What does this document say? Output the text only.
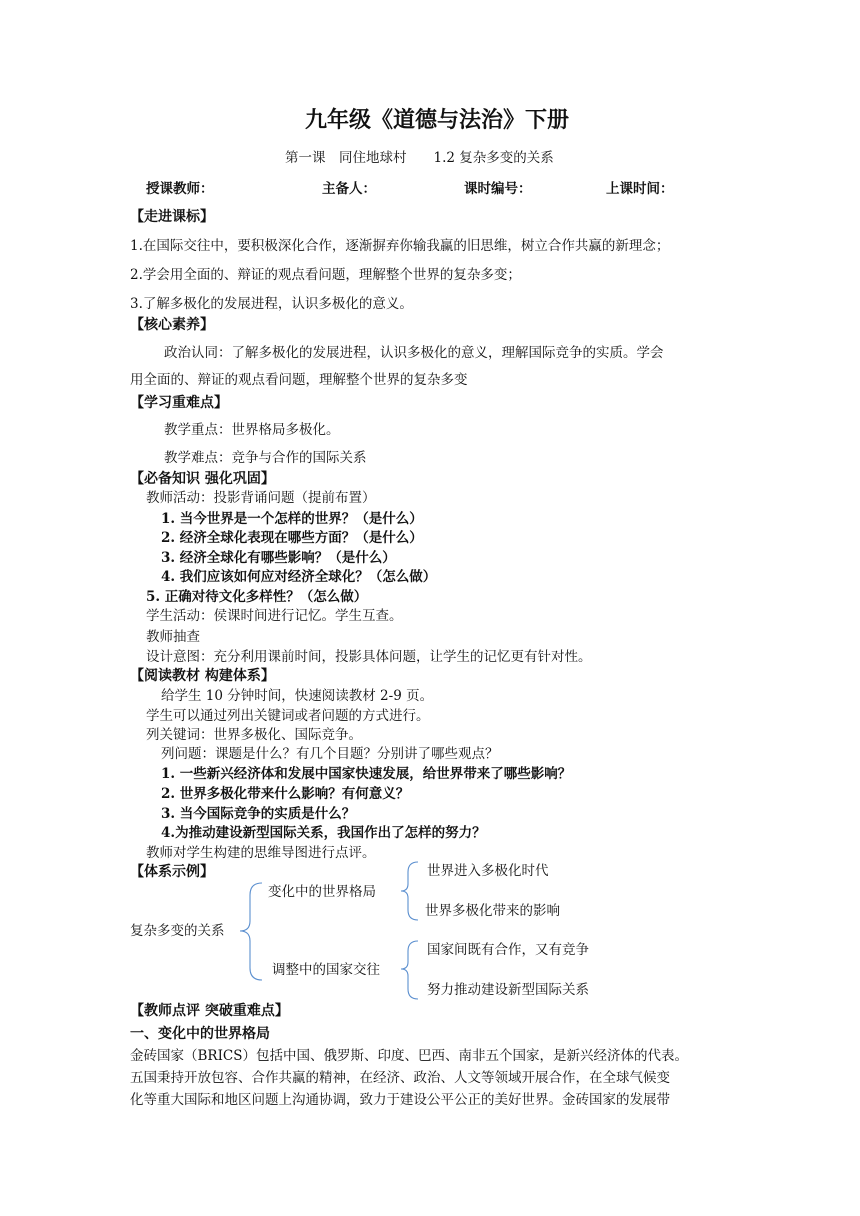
九年级《道德与法治》下册
第一课　同住地球村　　1.2 复杂多变的关系
授课教师：	主备人：	课时编号：	上课时间：
【走进课标】
1.在国际交往中，要积极深化合作，逐渐摒弃你输我赢的旧思维，树立合作共赢的新理念；
2.学会用全面的、辩证的观点看问题，理解整个世界的复杂多变；
3.了解多极化的发展进程，认识多极化的意义。
【核心素养】
政治认同：了解多极化的发展进程，认识多极化的意义，理解国际竞争的实质。学会
用全面的、辩证的观点看问题，理解整个世界的复杂多变
【学习重难点】
教学重点：世界格局多极化。
教学难点：竞争与合作的国际关系
【必备知识 强化巩固】
教师活动：投影背诵问题（提前布置）
1. 当今世界是一个怎样的世界？（是什么）
2. 经济全球化表现在哪些方面？（是什么）
3. 经济全球化有哪些影响？（是什么）
4. 我们应该如何应对经济全球化？（怎么做）
5. 正确对待文化多样性？（怎么做）
学生活动：侯课时间进行记忆。学生互查。
教师抽查
设计意图：充分利用课前时间，投影具体问题，让学生的记忆更有针对性。
【阅读教材 构建体系】
给学生 10 分钟时间，快速阅读教材 2-9 页。
学生可以通过列出关键词或者问题的方式进行。
列关键词：世界多极化、国际竞争。
列问题：课题是什么？有几个目题？分别讲了哪些观点？
1. 一些新兴经济体和发展中国家快速发展，给世界带来了哪些影响？
2. 世界多极化带来什么影响？有何意义？
3. 当今国际竞争的实质是什么？
4.为推动建设新型国际关系，我国作出了怎样的努力？
教师对学生构建的思维导图进行点评。
【体系示例】
复杂多变的关系
变化中的世界格局
调整中的国家交往
世界进入多极化时代
世界多极化带来的影响
国家间既有合作，又有竞争
努力推动建设新型国际关系
【教师点评 突破重难点】
一、变化中的世界格局
金砖国家（BRICS）包括中国、俄罗斯、印度、巴西、南非五个国家，是新兴经济体的代表。
五国秉持开放包容、合作共赢的精神，在经济、政治、人文等领域开展合作，在全球气候变
化等重大国际和地区问题上沟通协调，致力于建设公平公正的美好世界。金砖国家的发展带
